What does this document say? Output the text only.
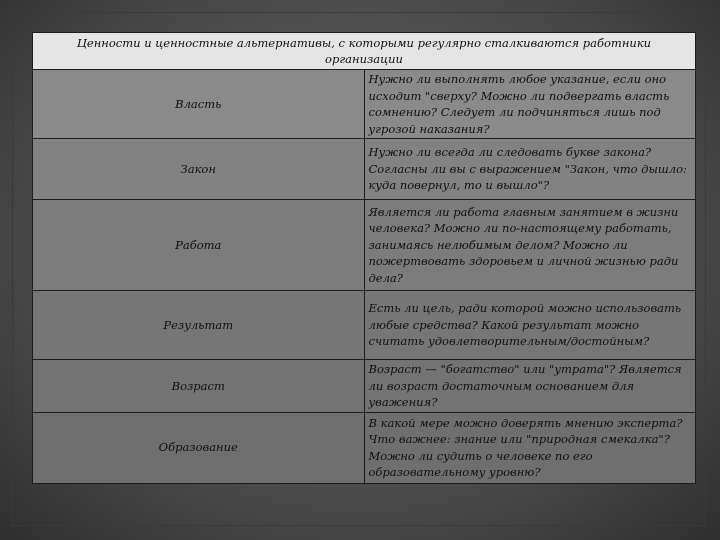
Ценности и ценностные альтернативы, с которыми регулярно сталкиваются работники организации	
Власть	Нужно ли выполнять любое указание, если оно исходит "сверху? Можно ли подвергать власть сомнению? Следует ли подчиняться лишь под угрозой наказания?
Закон	Нужно ли всегда ли следовать букве закона? Согласны ли вы с выражением "Закон, что дышло: куда повернул, то и вышло"?
Работа	Является ли работа главным занятием в жизни человека? Можно ли по-настоящему работать, занимаясь нелюбимым делом? Можно ли пожертвовать здоровьем и личной жизнью ради дела?
Результат	Есть ли цель, ради которой можно использовать любые средства? Какой результат можно считать удовлетворительным/достойным?
Возраст	Возраст — "богатство" или "утрата"? Является ли возраст достаточным основанием для уважения?
Образование	В какой мере можно доверять мнению эксперта? Что важнее: знание или "природная смекалка"? Можно ли судить о человеке по его образовательному уровню?
